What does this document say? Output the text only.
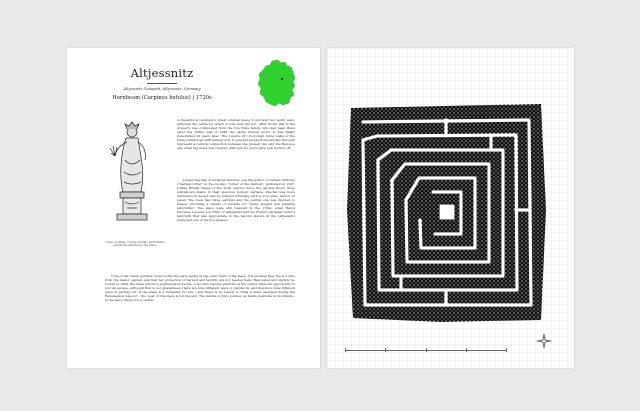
Altjessnitz
Altjessnitz Gutspark, Altjessnitz, Germany
Hornbeam (Carpinus betulus) | 1720s
Ceres, goddess of grain, fertility and fertility, guards the entrance to the maze.

A ltjessnitz is Germany's oldest original maze. It survived two world wars, although the castle for which it was built did not. After World War II the property was confiscated from the Von Ende family, who had been there since the 1690s, and in 1948 the castle burned down. It was finally demolished 20 years later. The 2-metre (6½-foot)-high living walls of the maze (reinforced with barbed wire to prevent people from barging through) represent a cultural connection between the present day and the Baroque era, when the maze was created, although six doors gave look further off.

Johann Peschel, a Lutheran minister, was the author of Garten-Ordnung ("Garden Order" in five books), "Order of the Garden", published in 1597. Unlike British mazes of the sixth century here, the garden shows those well-known plants in their spacious nursery gardens. Peschel was more interested in design and he advised trimming with a good plan, shown on paper. The book had three sections and the central one was devoted to mazes, providing a variety of designs for "many elegant and amusing labyrinths". The plans were still relevant in the 1720s, when Baron Nicolaus Leopold von Ende of Altjessnitz had his French gardener build a labyrinth that was appropriate to the baron's station in life (Altjessnitz being just one of his five estates).

Y ms of the Greek goddess Ceres works the early spring in the outer walls of the maze, it is possible that she is a relic from the manor garden, and that her protection of harvest and fertility are not needed here. Renovated and slightly re-routed in 1894, the maze follows a sophisticated design. A wooden viewing platform at the centre offers an opportunity to plot an escape, although that is not guaranteed; there are nine different ways of getting in, and therefore nine different ways of getting out. If the maze is a metaphor for life – and there is no reason to think a maze designed during the Renaissance was not – the 'goal' of the maze is not the end. The middle of life's journey, as Dante mentions in his Inferno, is the place where we go astray.
